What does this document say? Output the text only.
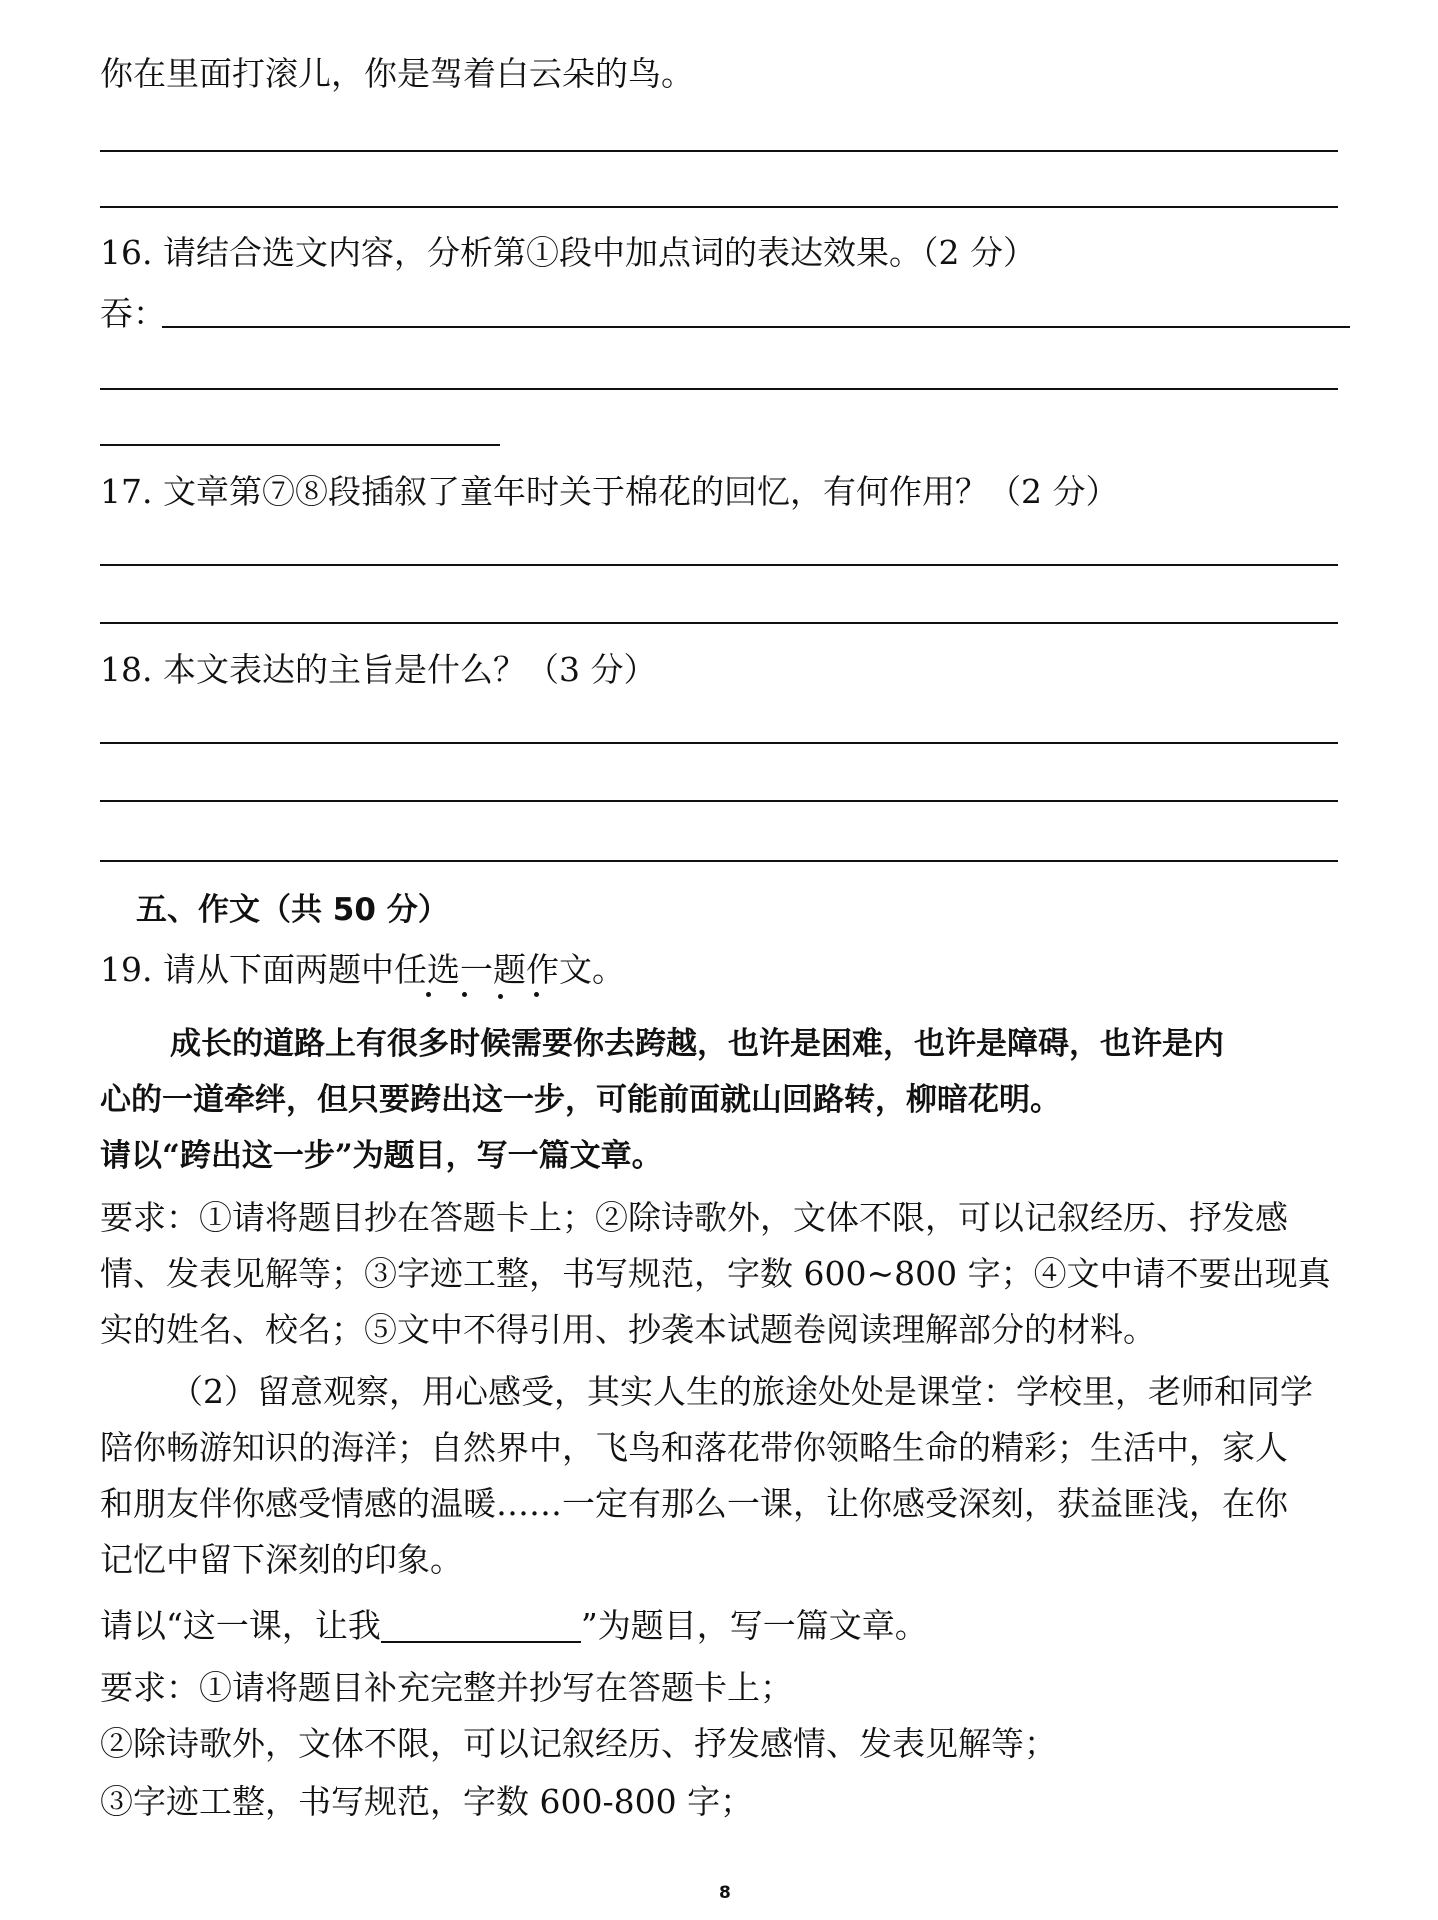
你在里面打滚儿，你是驾着白云朵的鸟。
16. 请结合选文内容，分析第①段中加点词的表达效果。（2 分）
吞：
17. 文章第⑦⑧段插叙了童年时关于棉花的回忆，有何作用？（2 分）
18. 本文表达的主旨是什么？（3 分）
五、作文（共 50 分）
19. 请从下面两题中任选一题作文。
成长的道路上有很多时候需要你去跨越，也许是困难，也许是障碍，也许是内
心的一道牵绊，但只要跨出这一步，可能前面就山回路转，柳暗花明。
请以“跨出这一步”为题目，写一篇文章。
要求：①请将题目抄在答题卡上；②除诗歌外，文体不限，可以记叙经历、抒发感
情、发表见解等；③字迹工整，书写规范，字数 600~800 字；④文中请不要出现真
实的姓名、校名；⑤文中不得引用、抄袭本试题卷阅读理解部分的材料。
（2）留意观察，用心感受，其实人生的旅途处处是课堂：学校里，老师和同学
陪你畅游知识的海洋；自然界中，飞鸟和落花带你领略生命的精彩；生活中，家人
和朋友伴你感受情感的温暖……一定有那么一课，让你感受深刻，获益匪浅，在你
记忆中留下深刻的印象。
请以“这一课，让我	”为题目，写一篇文章。
要求：①请将题目补充完整并抄写在答题卡上；
②除诗歌外，文体不限，可以记叙经历、抒发感情、发表见解等；
③字迹工整，书写规范，字数 600-800 字；
8
